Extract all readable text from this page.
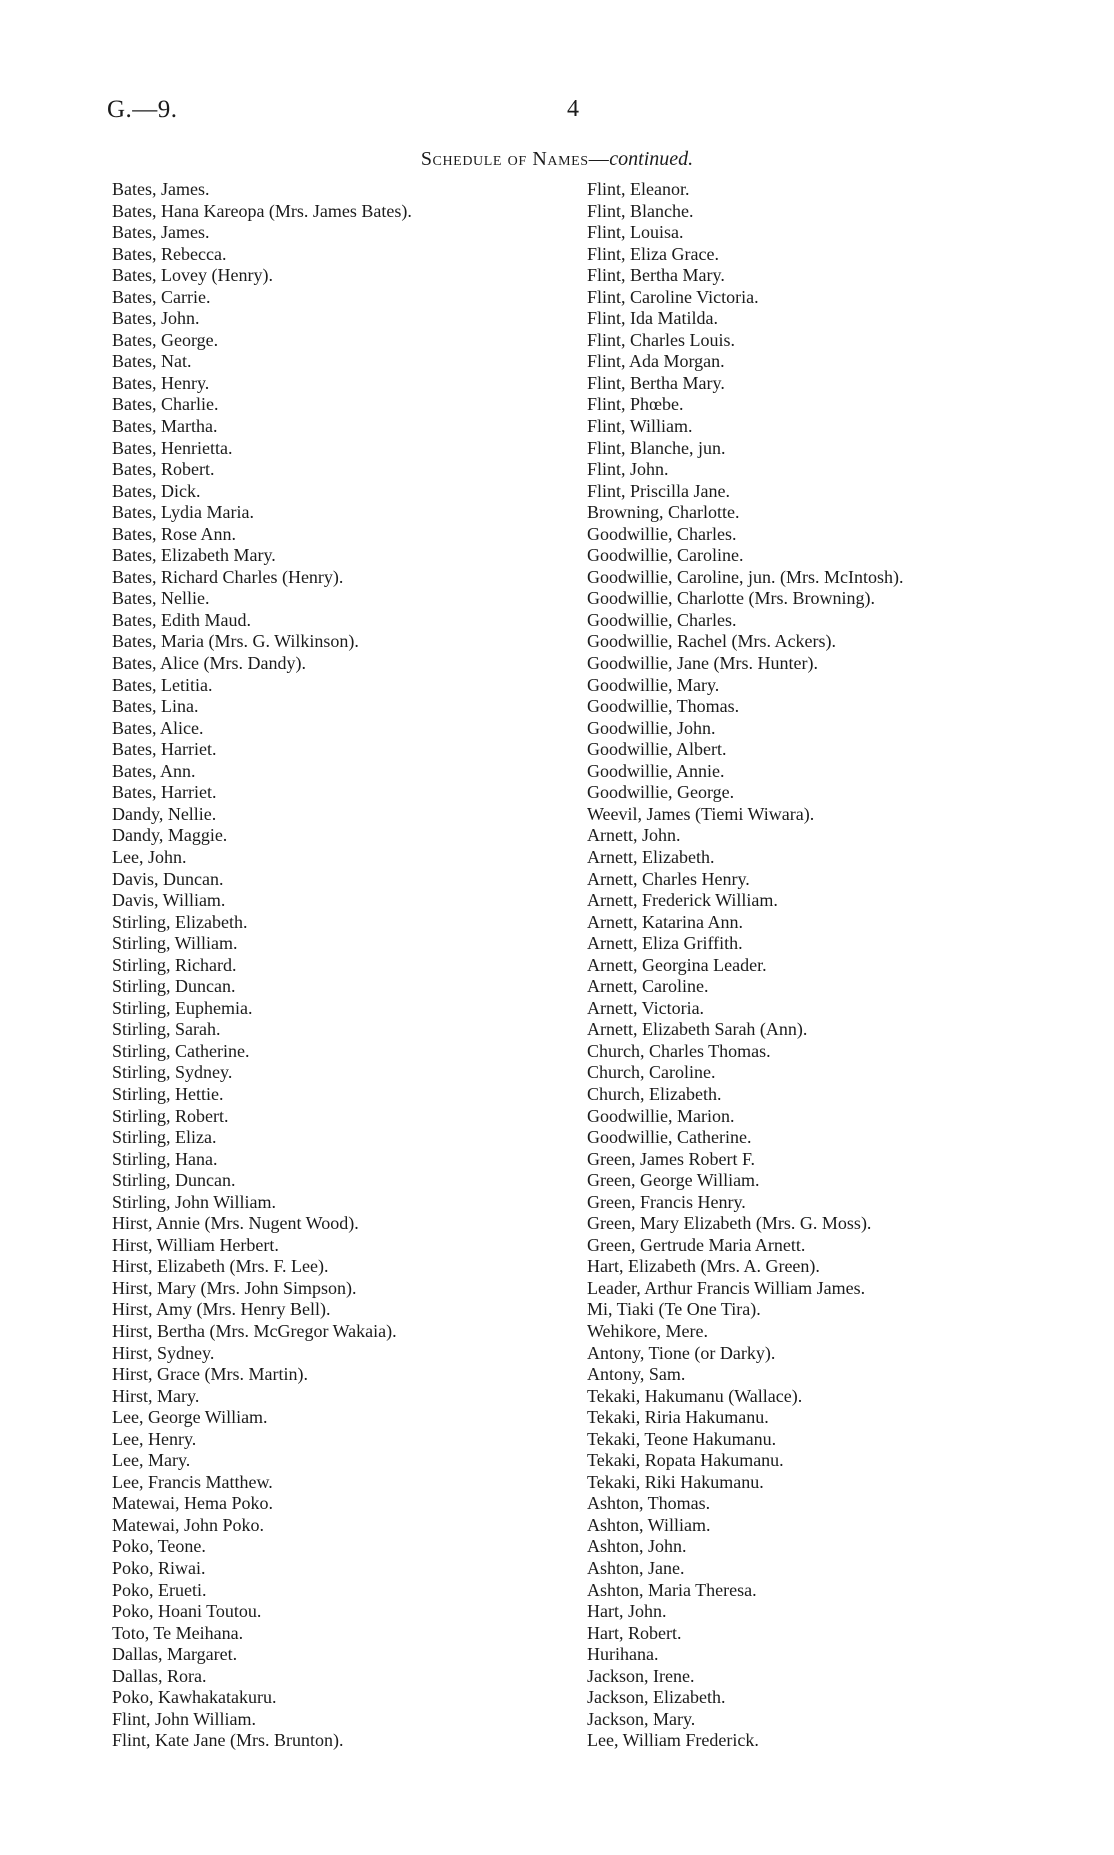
G.—9.	4
Schedule of Names—continued.
Bates, James.
Bates, Hana Kareopa (Mrs. James Bates).
Bates, James.
Bates, Rebecca.
Bates, Lovey (Henry).
Bates, Carrie.
Bates, John.
Bates, George.
Bates, Nat.
Bates, Henry.
Bates, Charlie.
Bates, Martha.
Bates, Henrietta.
Bates, Robert.
Bates, Dick.
Bates, Lydia Maria.
Bates, Rose Ann.
Bates, Elizabeth Mary.
Bates, Richard Charles (Henry).
Bates, Nellie.
Bates, Edith Maud.
Bates, Maria (Mrs. G. Wilkinson).
Bates, Alice (Mrs. Dandy).
Bates, Letitia.
Bates, Lina.
Bates, Alice.
Bates, Harriet.
Bates, Ann.
Bates, Harriet.
Dandy, Nellie.
Dandy, Maggie.
Lee, John.
Davis, Duncan.
Davis, William.
Stirling, Elizabeth.
Stirling, William.
Stirling, Richard.
Stirling, Duncan.
Stirling, Euphemia.
Stirling, Sarah.
Stirling, Catherine.
Stirling, Sydney.
Stirling, Hettie.
Stirling, Robert.
Stirling, Eliza.
Stirling, Hana.
Stirling, Duncan.
Stirling, John William.
Hirst, Annie (Mrs. Nugent Wood).
Hirst, William Herbert.
Hirst, Elizabeth (Mrs. F. Lee).
Hirst, Mary (Mrs. John Simpson).
Hirst, Amy (Mrs. Henry Bell).
Hirst, Bertha (Mrs. McGregor Wakaia).
Hirst, Sydney.
Hirst, Grace (Mrs. Martin).
Hirst, Mary.
Lee, George William.
Lee, Henry.
Lee, Mary.
Lee, Francis Matthew.
Matewai, Hema Poko.
Matewai, John Poko.
Poko, Teone.
Poko, Riwai.
Poko, Erueti.
Poko, Hoani Toutou.
Toto, Te Meihana.
Dallas, Margaret.
Dallas, Rora.
Poko, Kawhakatakuru.
Flint, John William.
Flint, Kate Jane (Mrs. Brunton).
Flint, Eleanor.
Flint, Blanche.
Flint, Louisa.
Flint, Eliza Grace.
Flint, Bertha Mary.
Flint, Caroline Victoria.
Flint, Ida Matilda.
Flint, Charles Louis.
Flint, Ada Morgan.
Flint, Bertha Mary.
Flint, Phœbe.
Flint, William.
Flint, Blanche, jun.
Flint, John.
Flint, Priscilla Jane.
Browning, Charlotte.
Goodwillie, Charles.
Goodwillie, Caroline.
Goodwillie, Caroline, jun. (Mrs. McIntosh).
Goodwillie, Charlotte (Mrs. Browning).
Goodwillie, Charles.
Goodwillie, Rachel (Mrs. Ackers).
Goodwillie, Jane (Mrs. Hunter).
Goodwillie, Mary.
Goodwillie, Thomas.
Goodwillie, John.
Goodwillie, Albert.
Goodwillie, Annie.
Goodwillie, George.
Weevil, James (Tiemi Wiwara).
Arnett, John.
Arnett, Elizabeth.
Arnett, Charles Henry.
Arnett, Frederick William.
Arnett, Katarina Ann.
Arnett, Eliza Griffith.
Arnett, Georgina Leader.
Arnett, Caroline.
Arnett, Victoria.
Arnett, Elizabeth Sarah (Ann).
Church, Charles Thomas.
Church, Caroline.
Church, Elizabeth.
Goodwillie, Marion.
Goodwillie, Catherine.
Green, James Robert F.
Green, George William.
Green, Francis Henry.
Green, Mary Elizabeth (Mrs. G. Moss).
Green, Gertrude Maria Arnett.
Hart, Elizabeth (Mrs. A. Green).
Leader, Arthur Francis William James.
Mi, Tiaki (Te One Tira).
Wehikore, Mere.
Antony, Tione (or Darky).
Antony, Sam.
Tekaki, Hakumanu (Wallace).
Tekaki, Riria Hakumanu.
Tekaki, Teone Hakumanu.
Tekaki, Ropata Hakumanu.
Tekaki, Riki Hakumanu.
Ashton, Thomas.
Ashton, William.
Ashton, John.
Ashton, Jane.
Ashton, Maria Theresa.
Hart, John.
Hart, Robert.
Hurihana.
Jackson, Irene.
Jackson, Elizabeth.
Jackson, Mary.
Lee, William Frederick.
